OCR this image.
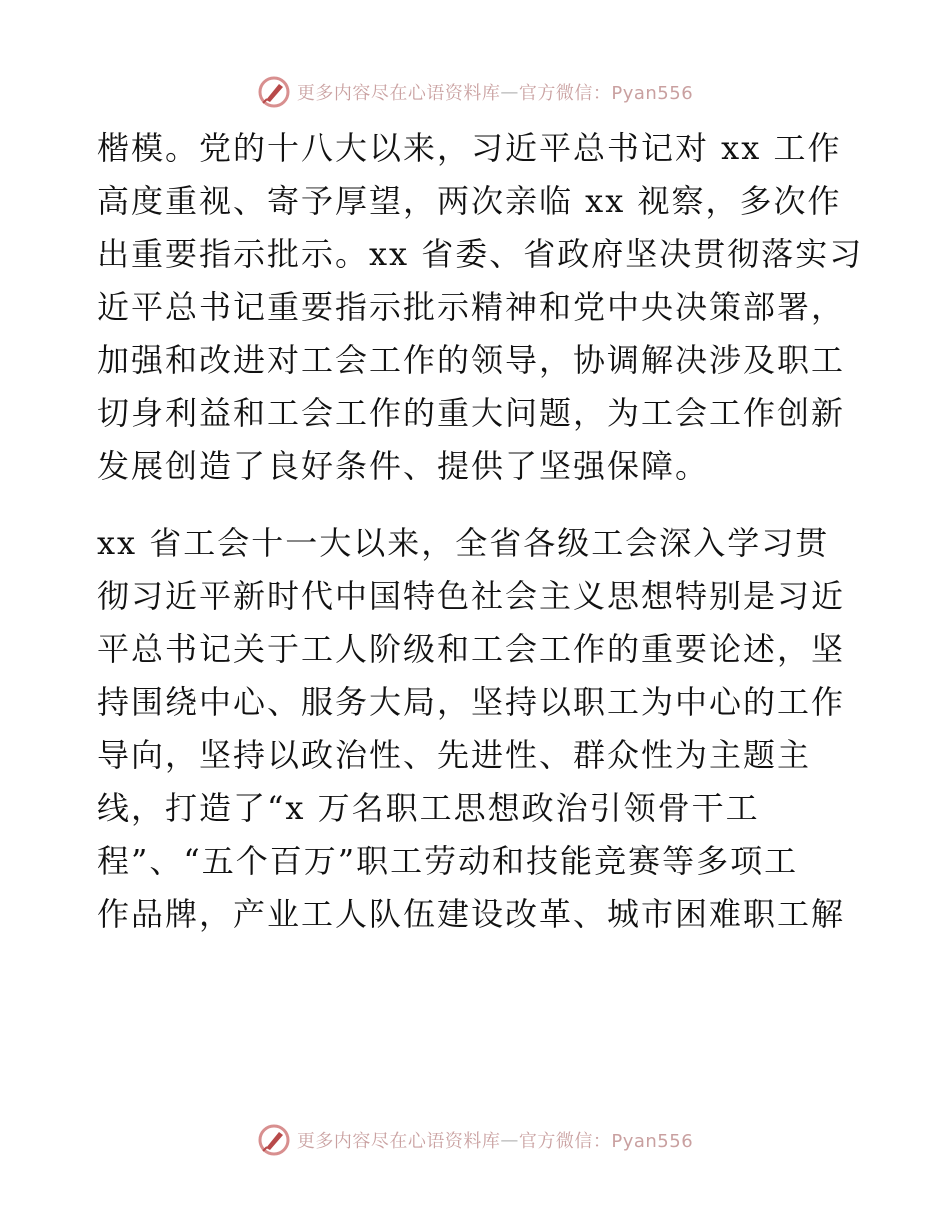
更多内容尽在心语资料库 — 官方微信：Pyan556
楷模。党的十八大以来，习近平总书记对 xx 工作
高度重视、寄予厚望，两次亲临 xx 视察，多次作
出重要指示批示。xx 省委、省政府坚决贯彻落实习
近平总书记重要指示批示精神和党中央决策部署，
加强和改进对工会工作的领导，协调解决涉及职工
切身利益和工会工作的重大问题，为工会工作创新
发展创造了良好条件、提供了坚强保障。
xx 省工会十一大以来，全省各级工会深入学习贯
彻习近平新时代中国特色社会主义思想特别是习近
平总书记关于工人阶级和工会工作的重要论述，坚
持围绕中心、服务大局，坚持以职工为中心的工作
导向，坚持以政治性、先进性、群众性为主题主
线，打造了“x 万名职工思想政治引领骨干工
程”、“五个百万”职工劳动和技能竞赛等多项工
作品牌，产业工人队伍建设改革、城市困难职工解
更多内容尽在心语资料库 — 官方微信：Pyan556
